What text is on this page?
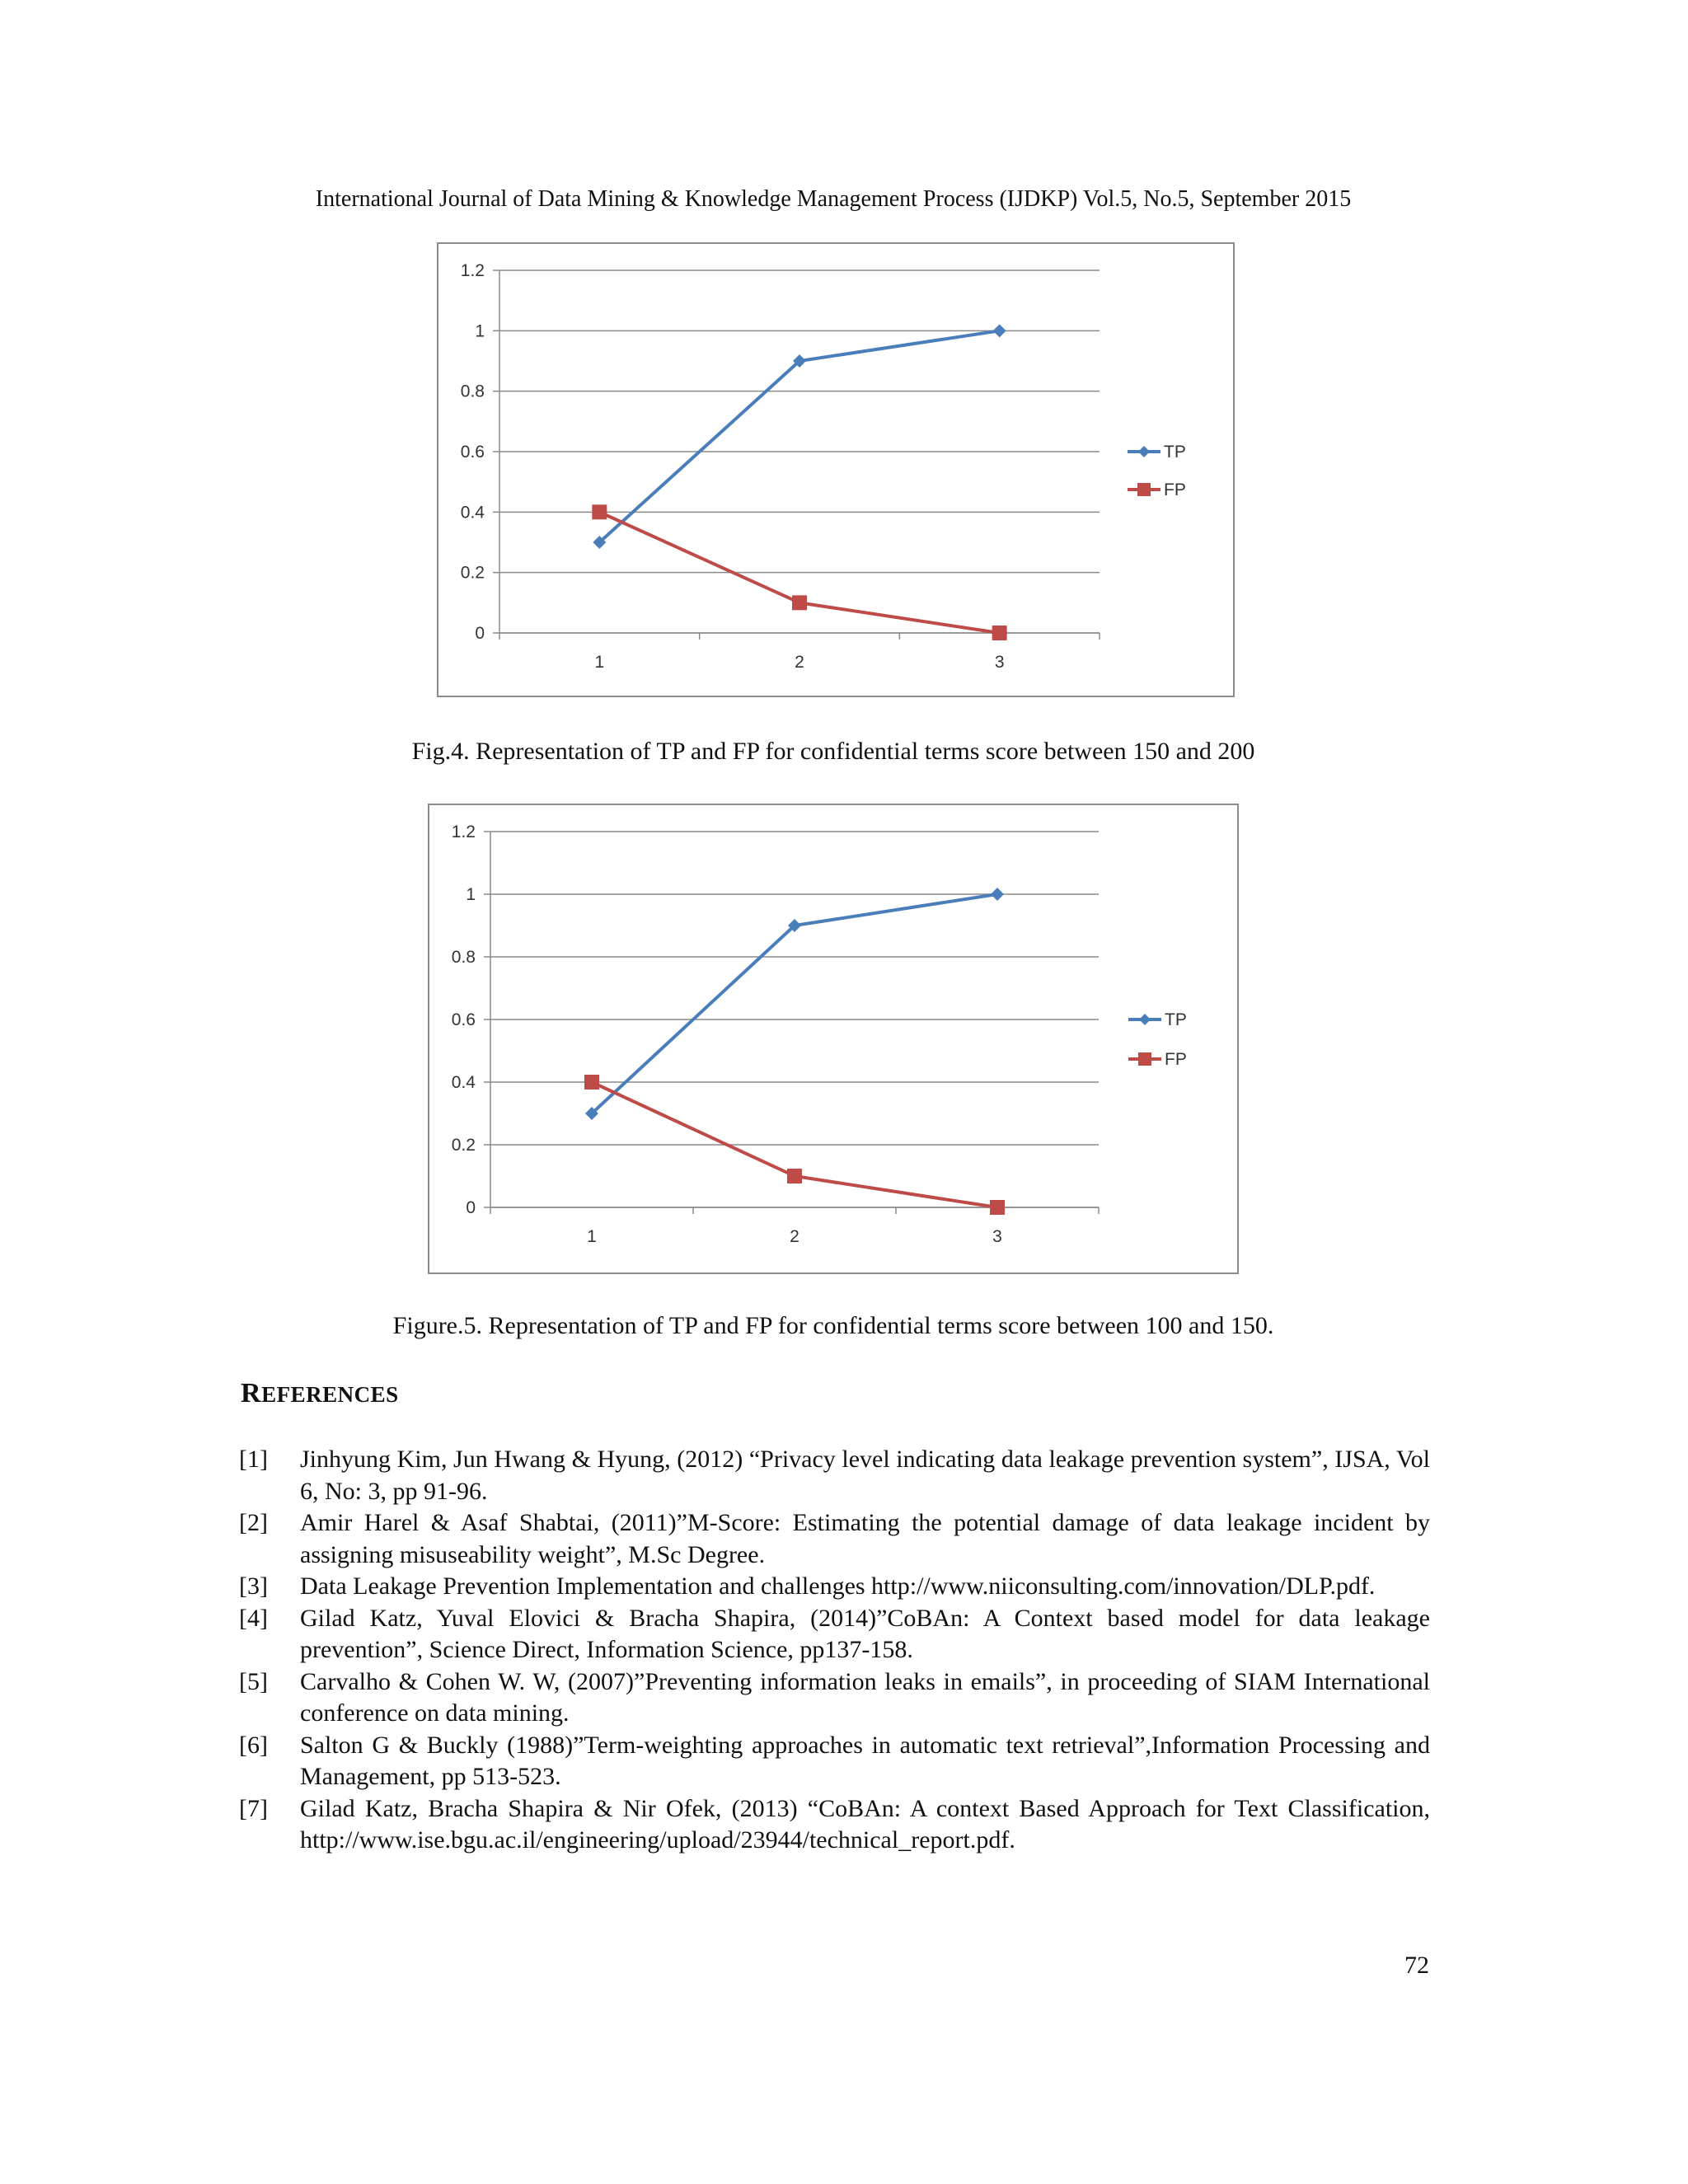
International Journal of Data Mining & Knowledge Management Process (IJDKP) Vol.5, No.5, September 2015
0
0.2
0.4
0.6
0.8
1
1.2
1	2	3
TP
FP
Fig.4. Representation of TP and FP for confidential terms score between 150 and 200
0
0.2
0.4
0.6
0.8
1
1.2
1	2	3
TP
FP
Figure.5. Representation of TP and FP for confidential terms score between 100 and 150.
REFERENCES
[1]	Jinhyung Kim, Jun Hwang & Hyung, (2012) “Privacy level indicating data leakage prevention system”, IJSA, Vol 6, No: 3, pp 91-96.
[2]	Amir Harel & Asaf Shabtai, (2011)”M-Score: Estimating the potential damage of data leakage incident by assigning misuseability weight”, M.Sc Degree.
[3]	Data Leakage Prevention Implementation and challenges http://www.niiconsulting.com/innovation/DLP.pdf.
[4]	Gilad Katz, Yuval Elovici & Bracha Shapira, (2014)”CoBAn: A Context based model for data leakage prevention”, Science Direct, Information Science, pp137-158.
[5]	Carvalho & Cohen W. W, (2007)”Preventing information leaks in emails”, in proceeding of SIAM International conference on data mining.
[6]	Salton G & Buckly (1988)”Term-weighting approaches in automatic text retrieval”,Information Processing and Management, pp 513-523.
[7]	Gilad Katz, Bracha Shapira & Nir Ofek, (2013) “CoBAn: A context Based Approach for Text Classification, http://www.ise.bgu.ac.il/engineering/upload/23944/technical_report.pdf.
72
